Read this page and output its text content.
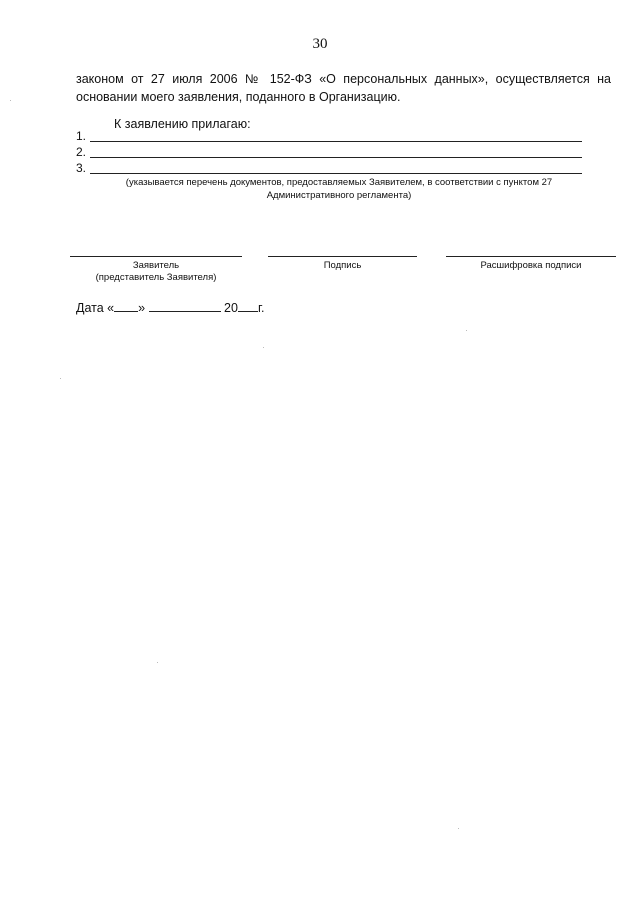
30
законом от 27 июля 2006 № 152-ФЗ «О персональных данных», осуществляется на
основании моего заявления, поданного в Организацию.
К заявлению прилагаю:
1.
2.
3.
(указывается перечень документов, предоставляемых Заявителем, в соответствии с пунктом 27
Административного регламента)
Заявитель
(представитель Заявителя)
Подпись	Расшифровка подписи
Дата « »	20 г.
